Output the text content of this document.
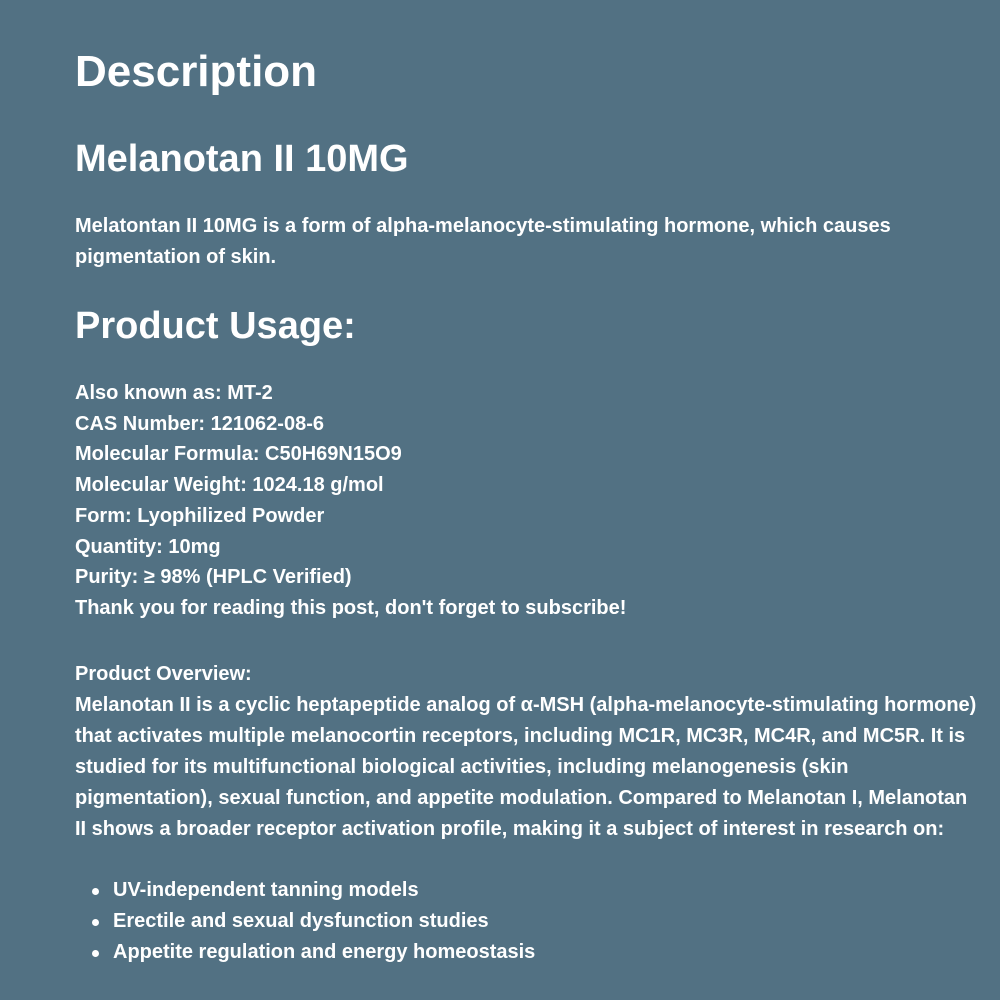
Description
Melanotan II 10MG

Melatontan II 10MG is a form of alpha-melanocyte-stimulating hormone, which causes pigmentation of skin.

Product Usage:
Also known as: MT-2
CAS Number: 121062-08-6
Molecular Formula: C50H69N15O9
Molecular Weight: 1024.18 g/mol
Form: Lyophilized Powder
Quantity: 10mg
Purity: ≥ 98% (HPLC Verified)
Thank you for reading this post, don't forget to subscribe!

Product Overview:

Melanotan II is a cyclic heptapeptide analog of α-MSH (alpha-melanocyte-stimulating hormone) that activates multiple melanocortin receptors, including MC1R, MC3R, MC4R, and MC5R. It is studied for its multifunctional biological activities, including melanogenesis (skin pigmentation), sexual function, and appetite modulation. Compared to Melanotan I, Melanotan II shows a broader receptor activation profile, making it a subject of interest in research on:

UV-independent tanning models
Erectile and sexual dysfunction studies
Appetite regulation and energy homeostasis
